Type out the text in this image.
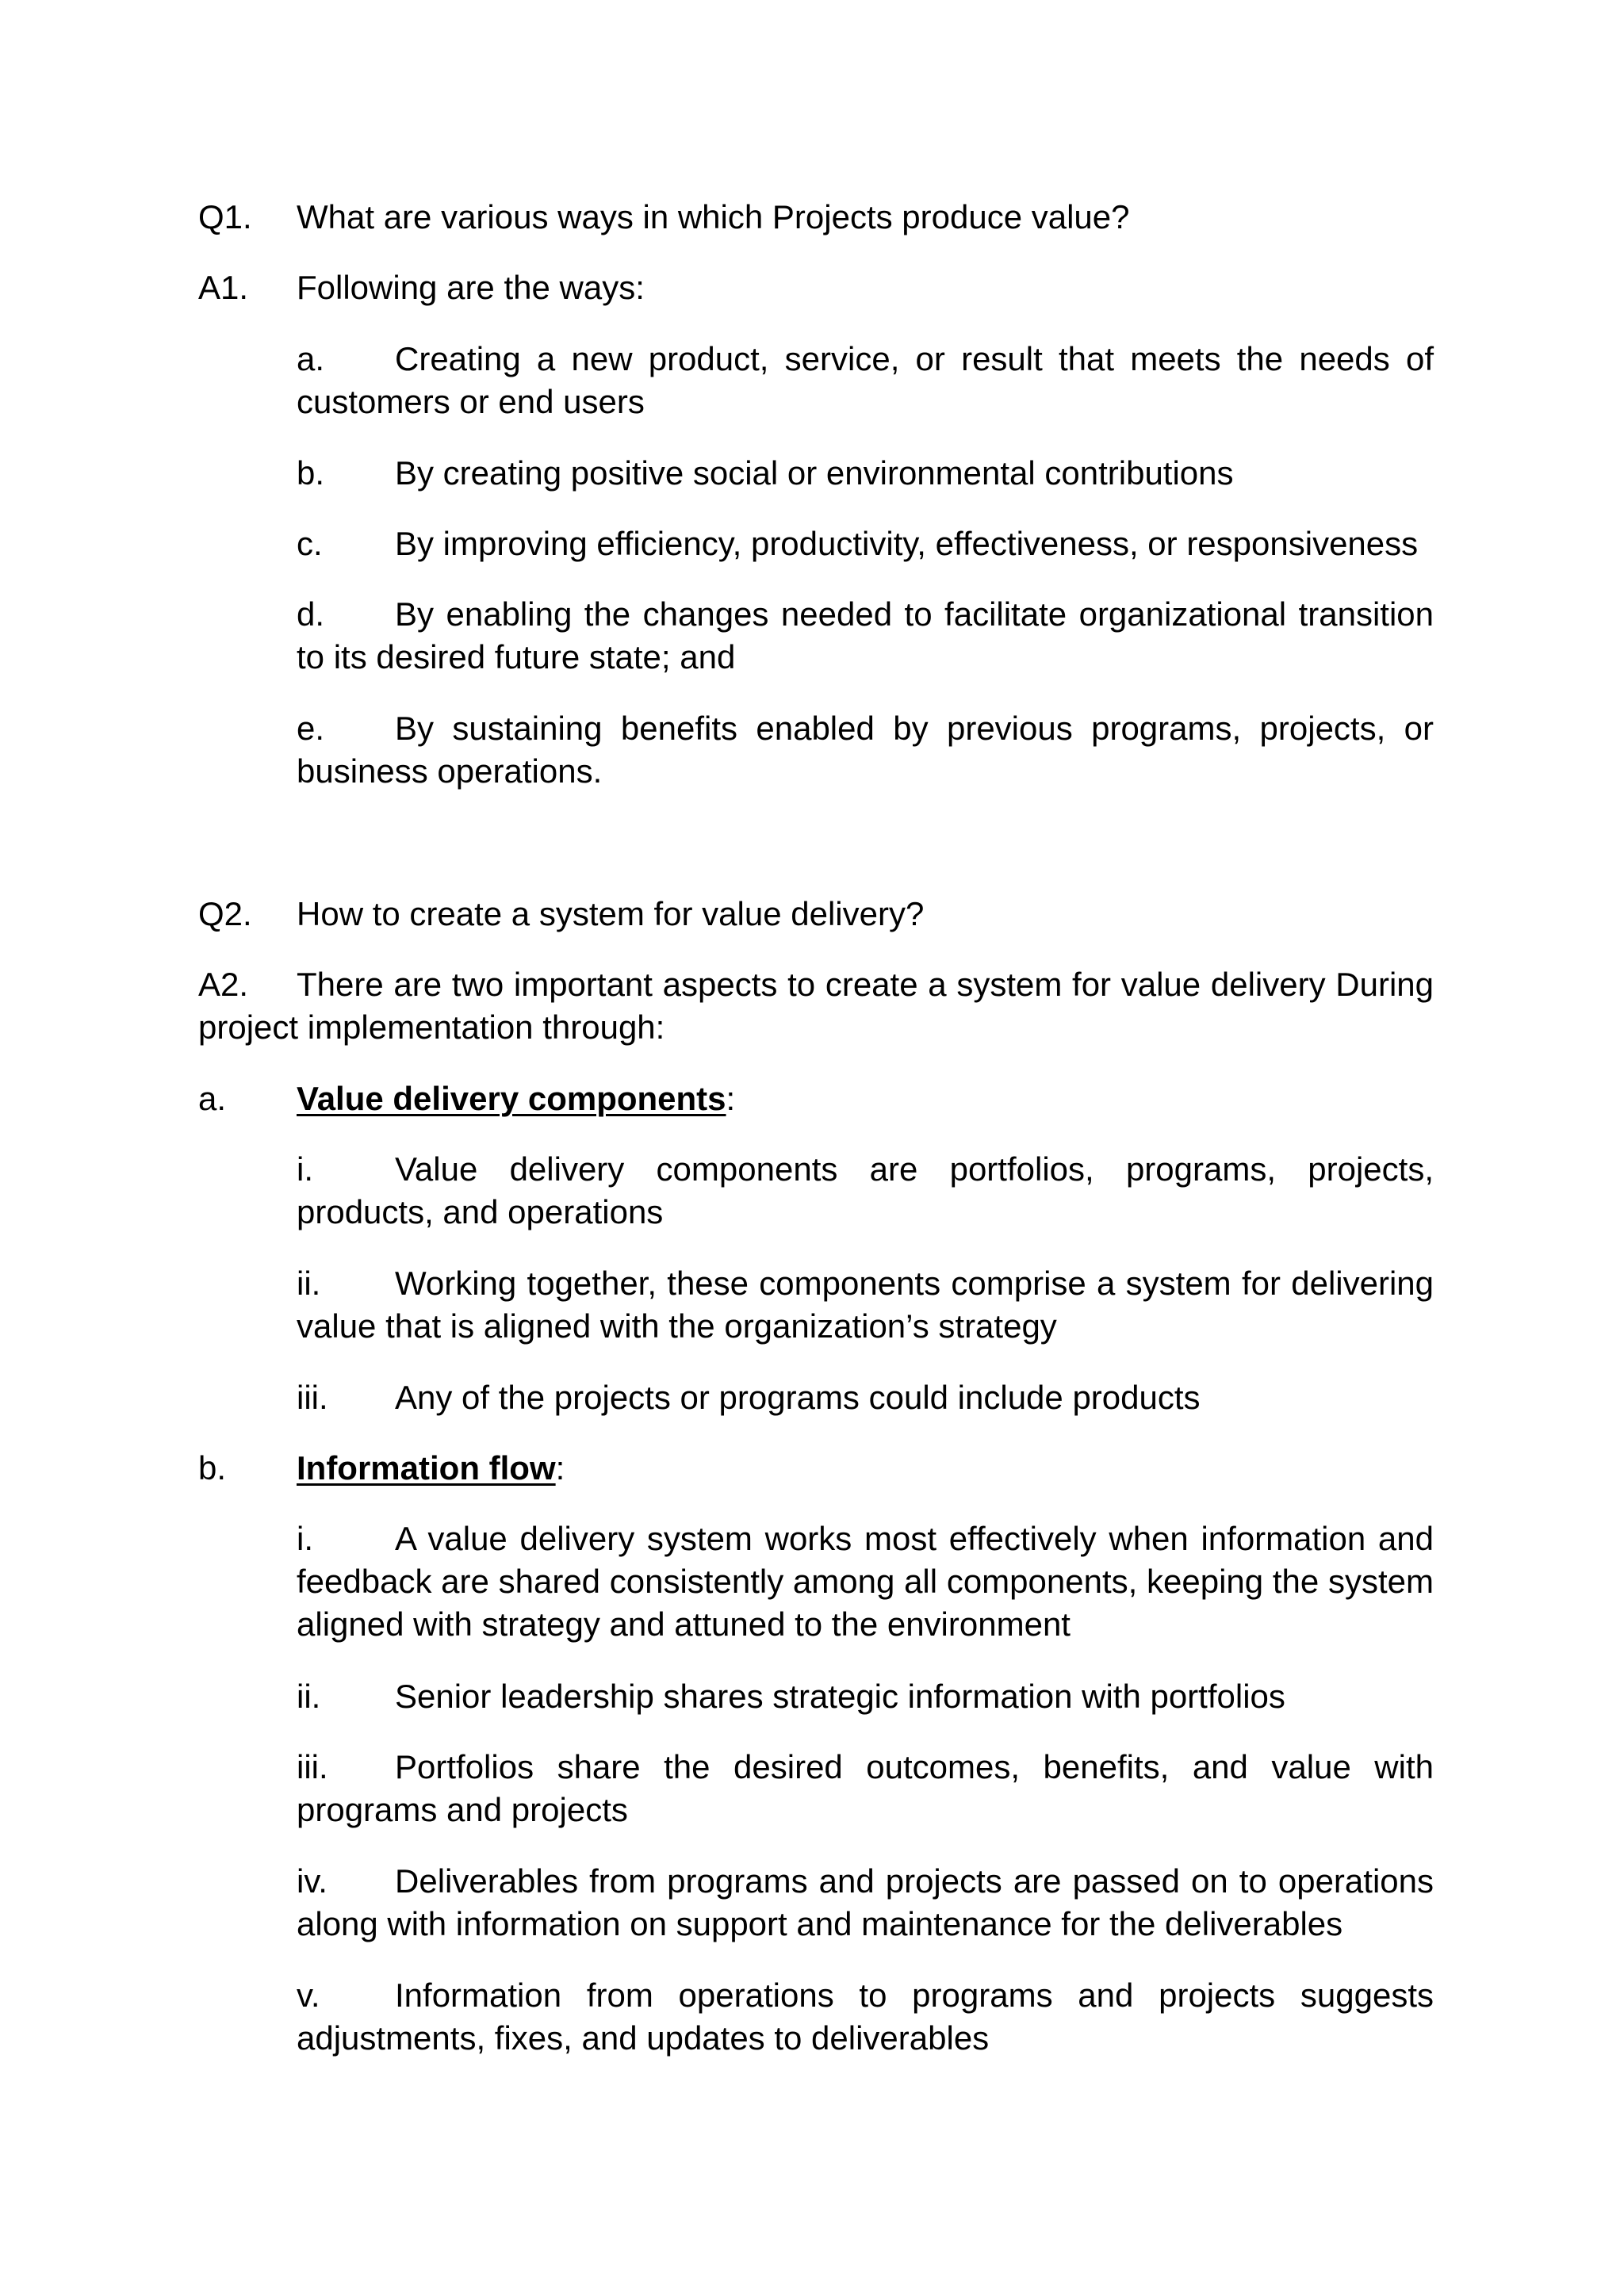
Q1. What are various ways in which Projects produce value?
A1. Following are the ways:
a. Creating a new product, service, or result that meets the needs of customers or end users
b. By creating positive social or environmental contributions
c. By improving efficiency, productivity, effectiveness, or responsiveness
d. By enabling the changes needed to facilitate organizational transition to its desired future state; and
e. By sustaining benefits enabled by previous programs, projects, or business operations.
Q2. How to create a system for value delivery?
A2. There are two important aspects to create a system for value delivery During project implementation through:
a. Value delivery components:
i. Value delivery components are portfolios, programs, projects, products, and operations
ii. Working together, these components comprise a system for delivering value that is aligned with the organization’s strategy
iii. Any of the projects or programs could include products
b. Information flow:
i. A value delivery system works most effectively when information and feedback are shared consistently among all components, keeping the system aligned with strategy and attuned to the environment
ii. Senior leadership shares strategic information with portfolios
iii. Portfolios share the desired outcomes, benefits, and value with programs and projects
iv. Deliverables from programs and projects are passed on to operations along with information on support and maintenance for the deliverables
v. Information from operations to programs and projects suggests adjustments, fixes, and updates to deliverables
